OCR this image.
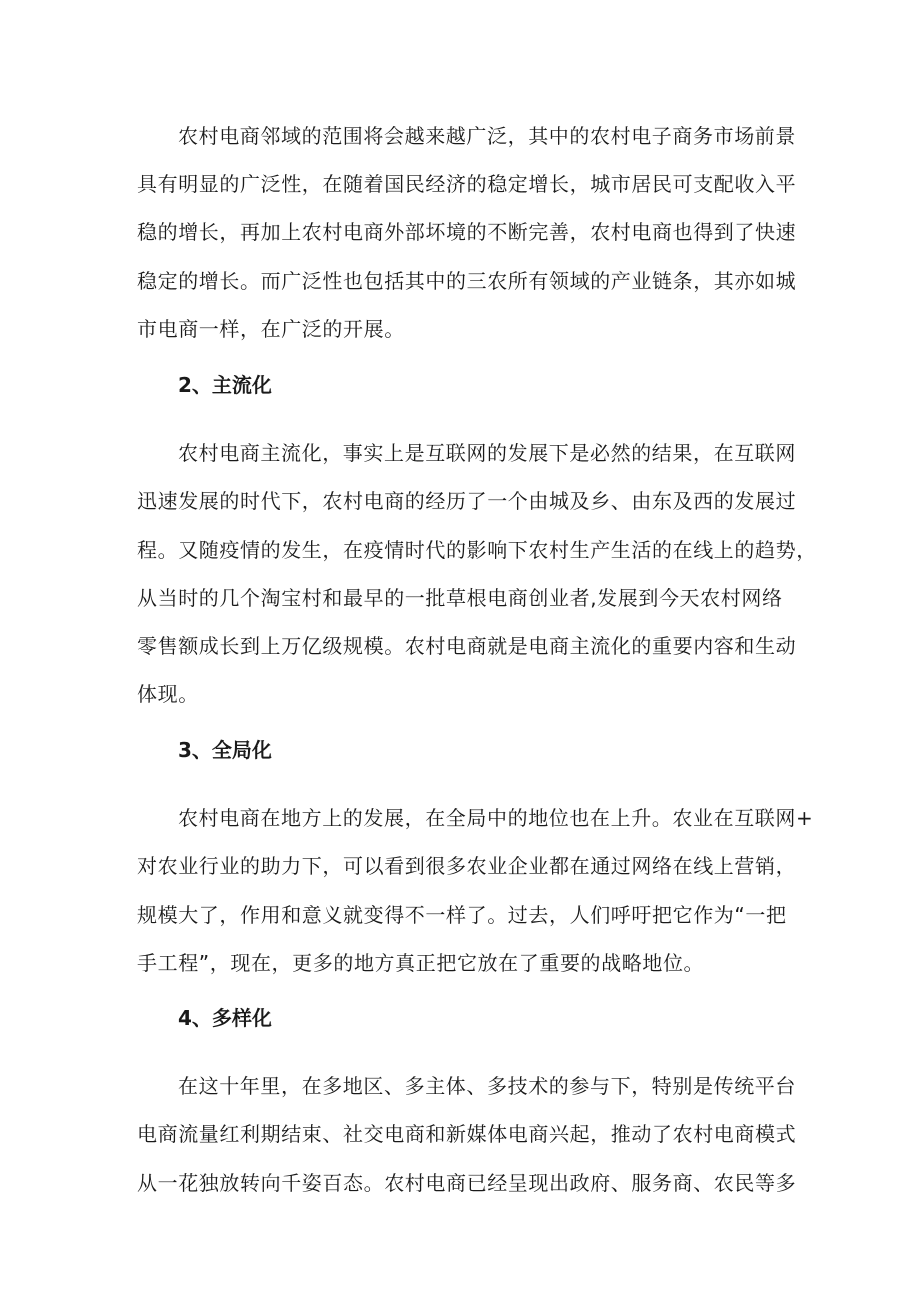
农村电商邻域的范围将会越来越广泛，其中的农村电子商务市场前景
具有明显的广泛性，在随着国民经济的稳定增长，城市居民可支配收入平
稳的增长，再加上农村电商外部坏境的不断完善，农村电商也得到了快速
稳定的增长。而广泛性也包括其中的三农所有领域的产业链条，其亦如城
市电商一样，在广泛的开展。
2、主流化
农村电商主流化，事实上是互联网的发展下是必然的结果，在互联网
迅速发展的时代下，农村电商的经历了一个由城及乡、由东及西的发展过
程。又随疫情的发生，在疫情时代的影响下农村生产生活的在线上的趋势，
从当时的几个淘宝村和最早的一批草根电商创业者,发展到今天农村网络
零售额成长到上万亿级规模。农村电商就是电商主流化的重要内容和生动
体现。
3、全局化
农村电商在地方上的发展，在全局中的地位也在上升。农业在互联网+
对农业行业的助力下，可以看到很多农业企业都在通过网络在线上营销，
规模大了，作用和意义就变得不一样了。过去，人们呼吁把它作为“一把
手工程”，现在，更多的地方真正把它放在了重要的战略地位。
4、多样化
在这十年里，在多地区、多主体、多技术的参与下，特别是传统平台
电商流量红利期结束、社交电商和新媒体电商兴起，推动了农村电商模式
从一花独放转向千姿百态。农村电商已经呈现出政府、服务商、农民等多
